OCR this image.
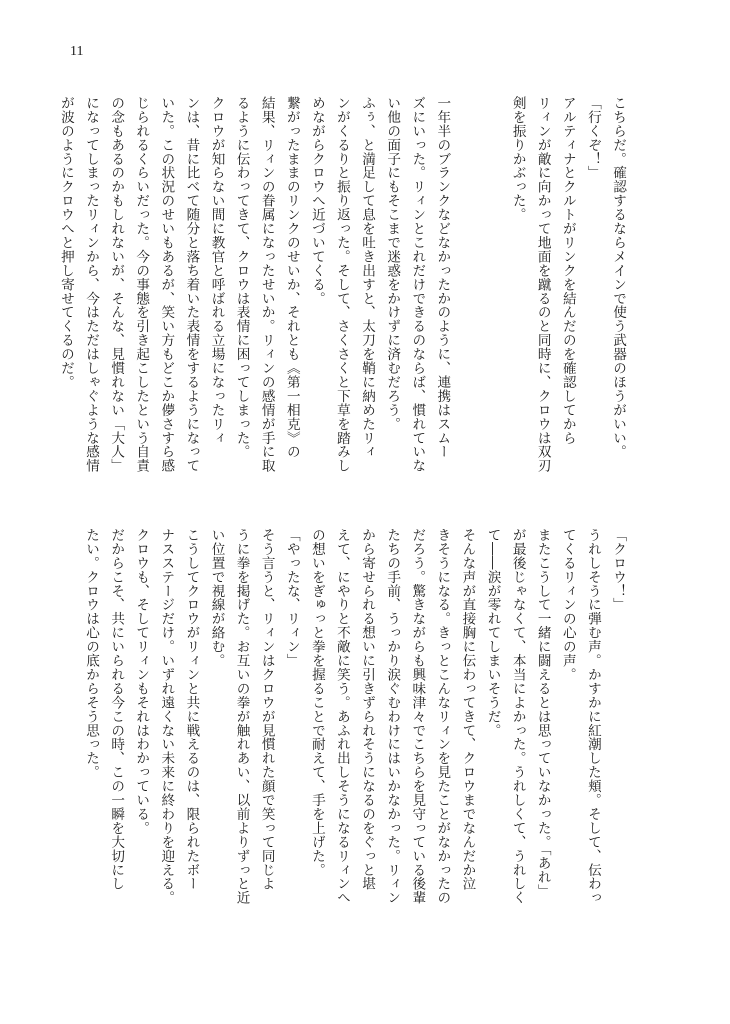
11
こちらだ。確認するならメインで使う武器のほうがいい。
「行くぞ！」
アルティナとクルトがリンクを結んだのを確認してから
リィンが敵に向かって地面を蹴るのと同時に、クロウは双刃
剣を振りかぶった。
一年半のブランクなどなかったかのように、連携はスムー
ズにいった。リィンとこれだけできるのならば、慣れていな
い他の面子にもそこまで迷惑をかけずに済むだろう。
ふぅ、と満足して息を吐き出すと、太刀を鞘に納めたリィ
ンがくるりと振り返った。そして、さくさくと下草を踏みし
めながらクロウへ近づいてくる。
繋がったままのリンクのせいか、それとも《第一相克》の
結果、リィンの眷属になったせいか。リィンの感情が手に取
るように伝わってきて、クロウは表情に困ってしまった。
クロウが知らない間に教官と呼ばれる立場になったリィ
ンは、昔に比べて随分と落ち着いた表情をするようになって
いた。この状況のせいもあるが、笑い方もどこか儚さすら感
じられるくらいだった。今の事態を引き起こしたという自責
の念もあるのかもしれないが、そんな、見慣れない「大人」
になってしまったリィンから、今はただはしゃぐような感情
が波のようにクロウへと押し寄せてくるのだ。
「クロウ！」
うれしそうに弾む声。かすかに紅潮した頬。そして、伝わっ
てくるリィンの心の声。
またこうして一緒に闘えるとは思っていなかった。「あれ」
が最後じゃなくて、本当によかった。うれしくて、うれしく
て――涙が零れてしまいそうだ。
そんな声が直接胸に伝わってきて、クロウまでなんだか泣
きそうになる。きっとこんなリィンを見たことがなかったの
だろう。驚きながらも興味津々でこちらを見守っている後輩
たちの手前、うっかり涙ぐむわけにはいかなかった。リィン
から寄せられる想いに引きずられそうになるのをぐっと堪
えて、にやりと不敵に笑う。あふれ出しそうになるリィンへ
の想いをぎゅっと拳を握ることで耐えて、手を上げた。
「やったな、リィン」
そう言うと、リィンはクロウが見慣れた顔で笑って同じよ
うに拳を掲げた。お互いの拳が触れあい、以前よりずっと近
い位置で視線が絡む。
こうしてクロウがリィンと共に戦えるのは、限られたボー
ナスステージだけ。いずれ遠くない未来に終わりを迎える。
クロウも、そしてリィンもそれはわかっている。
だからこそ、共にいられる今この時、この一瞬を大切にし
たい。クロウは心の底からそう思った。
